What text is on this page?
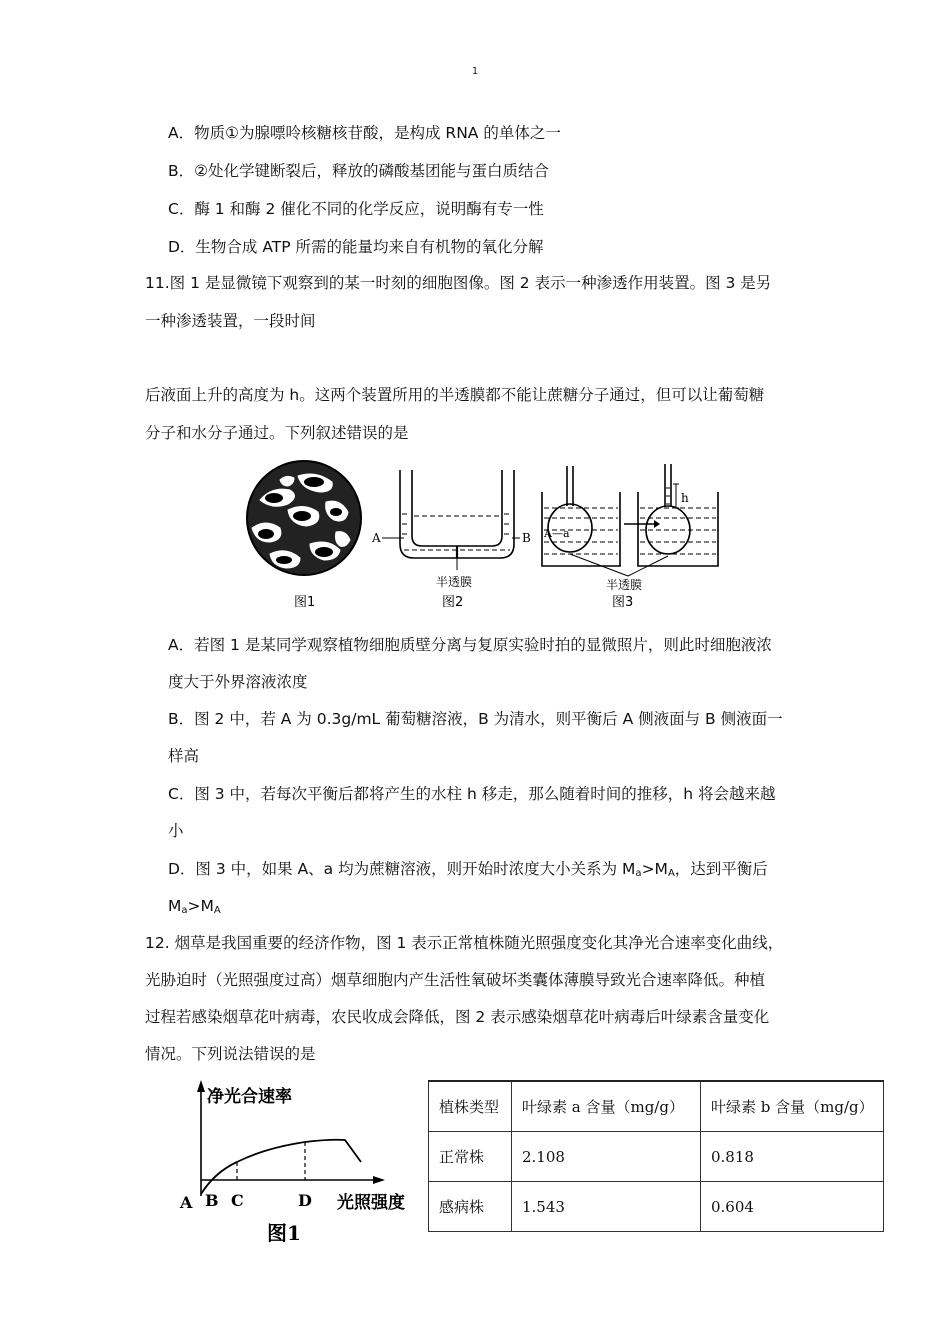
1
A．物质①为腺嘌呤核糖核苷酸，是构成 RNA 的单体之一
B．②处化学键断裂后，释放的磷酸基团能与蛋白质结合
C．酶 1 和酶 2 催化不同的化学反应，说明酶有专一性
D．生物合成 ATP 所需的能量均来自有机物的氧化分解
11.图 1 是显微镜下观察到的某一时刻的细胞图像。图 2 表示一种渗透作用装置。图 3 是另
一种渗透装置，一段时间
后液面上升的高度为 h。这两个装置所用的半透膜都不能让蔗糖分子通过，但可以让葡萄糖
分子和水分子通过。下列叙述错误的是
图1
A	B
半透膜
图2
A—a
h
半透膜
图3
A．若图 1 是某同学观察植物细胞质壁分离与复原实验时拍的显微照片，则此时细胞液浓
度大于外界溶液浓度
B．图 2 中，若 A 为 0.3g/mL 葡萄糖溶液，B 为清水，则平衡后 A 侧液面与 B 侧液面一
样高
C．图 3 中，若每次平衡后都将产生的水柱 h 移走，那么随着时间的推移，h 将会越来越
小
D．图 3 中，如果 A、a 均为蔗糖溶液，则开始时浓度大小关系为 $M_a>M_A$，达到平衡后
$M_a>M_A$
12. 烟草是我国重要的经济作物，图 1 表示正常植株随光照强度变化其净光合速率变化曲线，
光胁迫时（光照强度过高）烟草细胞内产生活性氧破坏类囊体薄膜导致光合速率降低。种植
过程若感染烟草花叶病毒，农民收成会降低，图 2 表示感染烟草花叶病毒后叶绿素含量变化
情况。下列说法错误的是
净光合速率
A B C	D 光照强度
图1
植株类型	叶绿素 a 含量（mg/g）	叶绿素 b 含量（mg/g）
正常株	2.108	0.818
感病株	1.543	0.604
